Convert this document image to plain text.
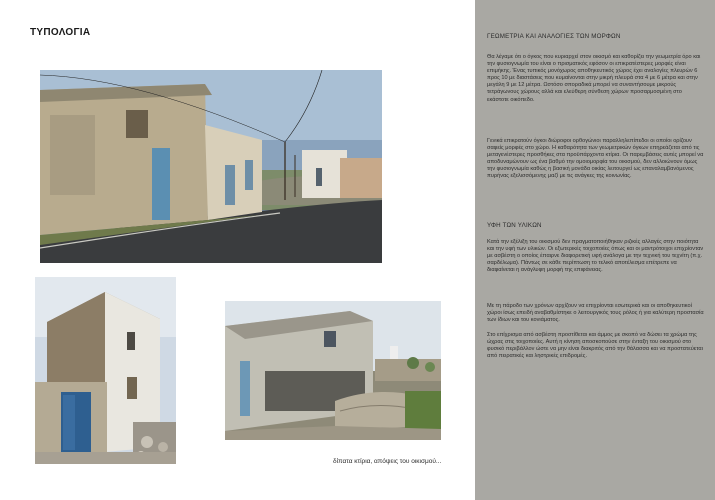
ΤΥΠΟΛΟΓΙΑ
δίπατα κτίρια, απόψεις του οικισμού...
ΓΕΩΜΕΤΡΙΑ ΚΑΙ ΑΝΑΛΟΓΙΕΣ ΤΩΝ ΜΟΡΦΩΝ
Θα λέγαμε ότι ο όγκος που κυριαρχεί στον οικισμό και καθορίζει την γεωμετρία όρο και την φυσιογνωμία του είναι ο πρισματικός εφόσον οι επικρατέστερες μορφές είναι επιμήκης. Ένας τυπικός μονόχωρος αποθηκευτικός χώρος έχει αναλογίες πλευρών 6 προς 10 με διαστάσεις που κυμαίνονται στην μικρή πλευρά στα 4 με 6 μέτρα και στην μεγάλη 9 με 12 μέτρα. Ωστόσο σποραδικά μπορεί να συναντήσουμε μικρούς τετράγωνους χώρους αλλά και ελεύθερη σύνθεση χώρων προσαρμοσμένη στο εκάστοτε οικόπεδο.
Γενικά επικρατούν όγκοι διώροφοι ορθογώνιοι παραλληλεπίπεδοι οι οποίοι ορίζουν σαφείς μορφές στο χώρο. Η καθαρότητα των γεωμετρικών όγκων επηρεάζεται από τις μεταγενέστερες προσθήκες στα προϋπάρχοντα κτίρια. Οι παρεμβάσεις αυτές μπορεί να αποδυναμώνουν ως ένα βαθμό την ομοιομορφία του οικισμού, δεν αλλοιώνουν όμως την φυσιογνωμία καθώς η βασική μονάδα οικίας λειτουργεί ως επαναλαμβανόμενος πυρήνας εξελισσόμενης μαζί με τις ανάγκες της κοινωνίας.
ΥΦΗ ΤΩΝ ΥΛΙΚΩΝ
Κατά την εξέλιξη του οικισμού δεν πραγματοποιήθηκαν ριζικές αλλαγές στην ποιότητα και την υφή των υλικών. Οι εξωτερικές τοιχοποιίες όπως και οι μαντρότοιχοι επιχρίονταν με ασβέστη ο οποίος έπαιρνε διαφορετική υφή ανάλογα με την τεχνική του τεχνίτη (π.χ. σαρδέλωμα). Πάντως σε κάθε περίπτωση το τελικό αποτέλεσμα επέτρεπε να διαφαίνεται η ανάγλυφη μορφή της επιφάνειας.
Με τη πάροδο των χρόνων αρχίζουν να επιχρίονται εσωτερικά και οι αποθηκευτικοί χώροι ίσως επειδή αναβαθμίστηκε ο λειτουργικός τους ρόλος ή για καλύτερη προστασία των ίδιων και του κονιάματος.
Στο επίχρισμα από ασβέστη προστίθεται και άμμος με σκοπό να δώσει τα χρώμα της ώχρας στις τοιχοποιίες. Αυτή η κίνηση αποσκοπούσε στην ένταξη του οικισμού στο φυσικό περιβάλλον ώστε να μην είναι διακριτός από την θάλασσα και να προστατεύεται από πειρατικές και ληστρικές επιδρομές.
